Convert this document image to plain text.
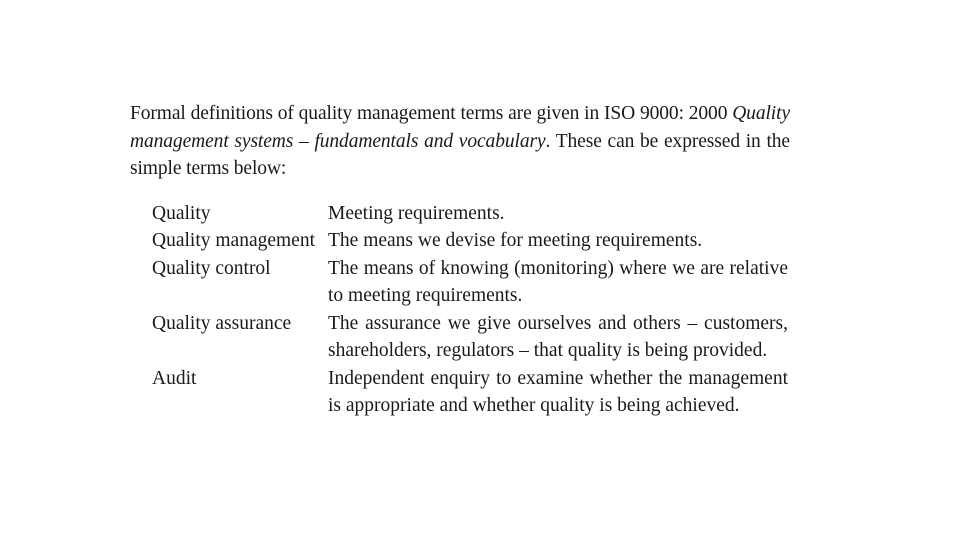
Formal definitions of quality management terms are given in ISO 9000: 2000 Quality management systems – fundamentals and vocabulary. These can be expressed in the simple terms below:

Quality	Meeting requirements.
Quality management	The means we devise for meeting requirements.
Quality control	The means of knowing (monitoring) where we are relative to meeting requirements.
Quality assurance	The assurance we give ourselves and others – customers, shareholders, regulators – that quality is being provided.
Audit	Independent enquiry to examine whether the management is appropriate and whether quality is being achieved.
